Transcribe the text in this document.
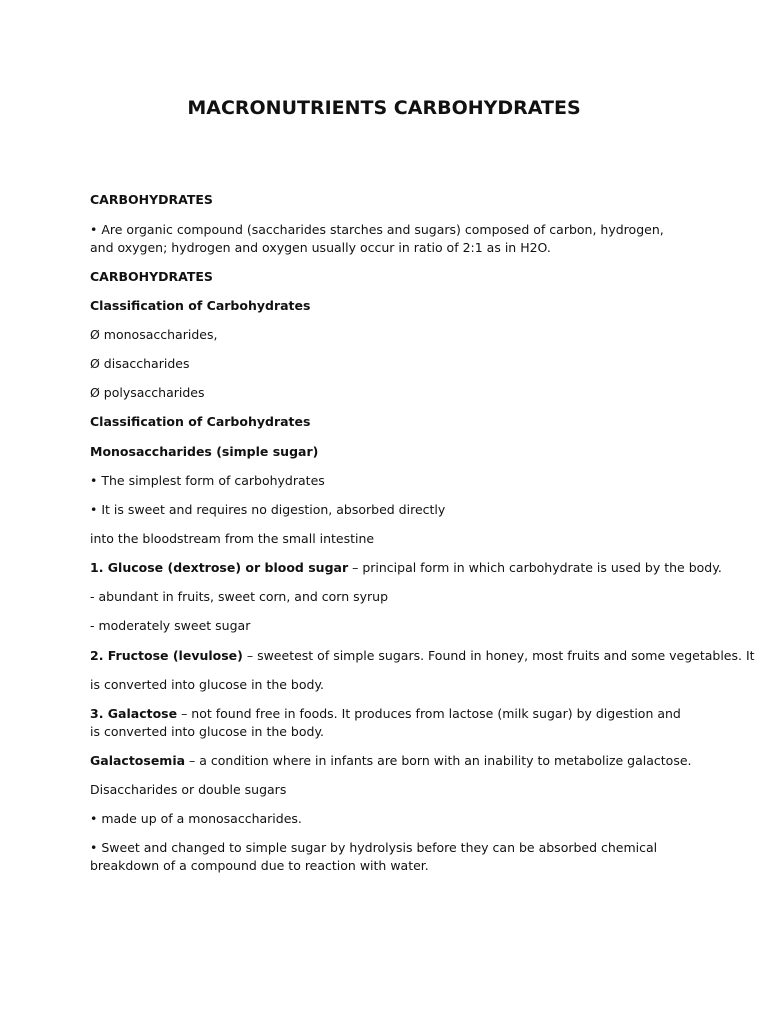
MACRONUTRIENTS CARBOHYDRATES
CARBOHYDRATES
• Are organic compound (saccharides starches and sugars) composed of carbon, hydrogen, and oxygen; hydrogen and oxygen usually occur in ratio of 2:1 as in H2O.
CARBOHYDRATES
Classification of Carbohydrates
Ø monosaccharides,
Ø disaccharides
Ø polysaccharides
Classification of Carbohydrates
Monosaccharides (simple sugar)
• The simplest form of carbohydrates
• It is sweet and requires no digestion, absorbed directly
into the bloodstream from the small intestine
1. Glucose (dextrose) or blood sugar – principal form in which carbohydrate is used by the body.
- abundant in fruits, sweet corn, and corn syrup
- moderately sweet sugar
2. Fructose (levulose) – sweetest of simple sugars. Found in honey, most fruits and some vegetables. It
is converted into glucose in the body.
3. Galactose – not found free in foods. It produces from lactose (milk sugar) by digestion and is converted into glucose in the body.
Galactosemia – a condition where in infants are born with an inability to metabolize galactose.
Disaccharides or double sugars
• made up of a monosaccharides.
• Sweet and changed to simple sugar by hydrolysis before they can be absorbed chemical breakdown of a compound due to reaction with water.
